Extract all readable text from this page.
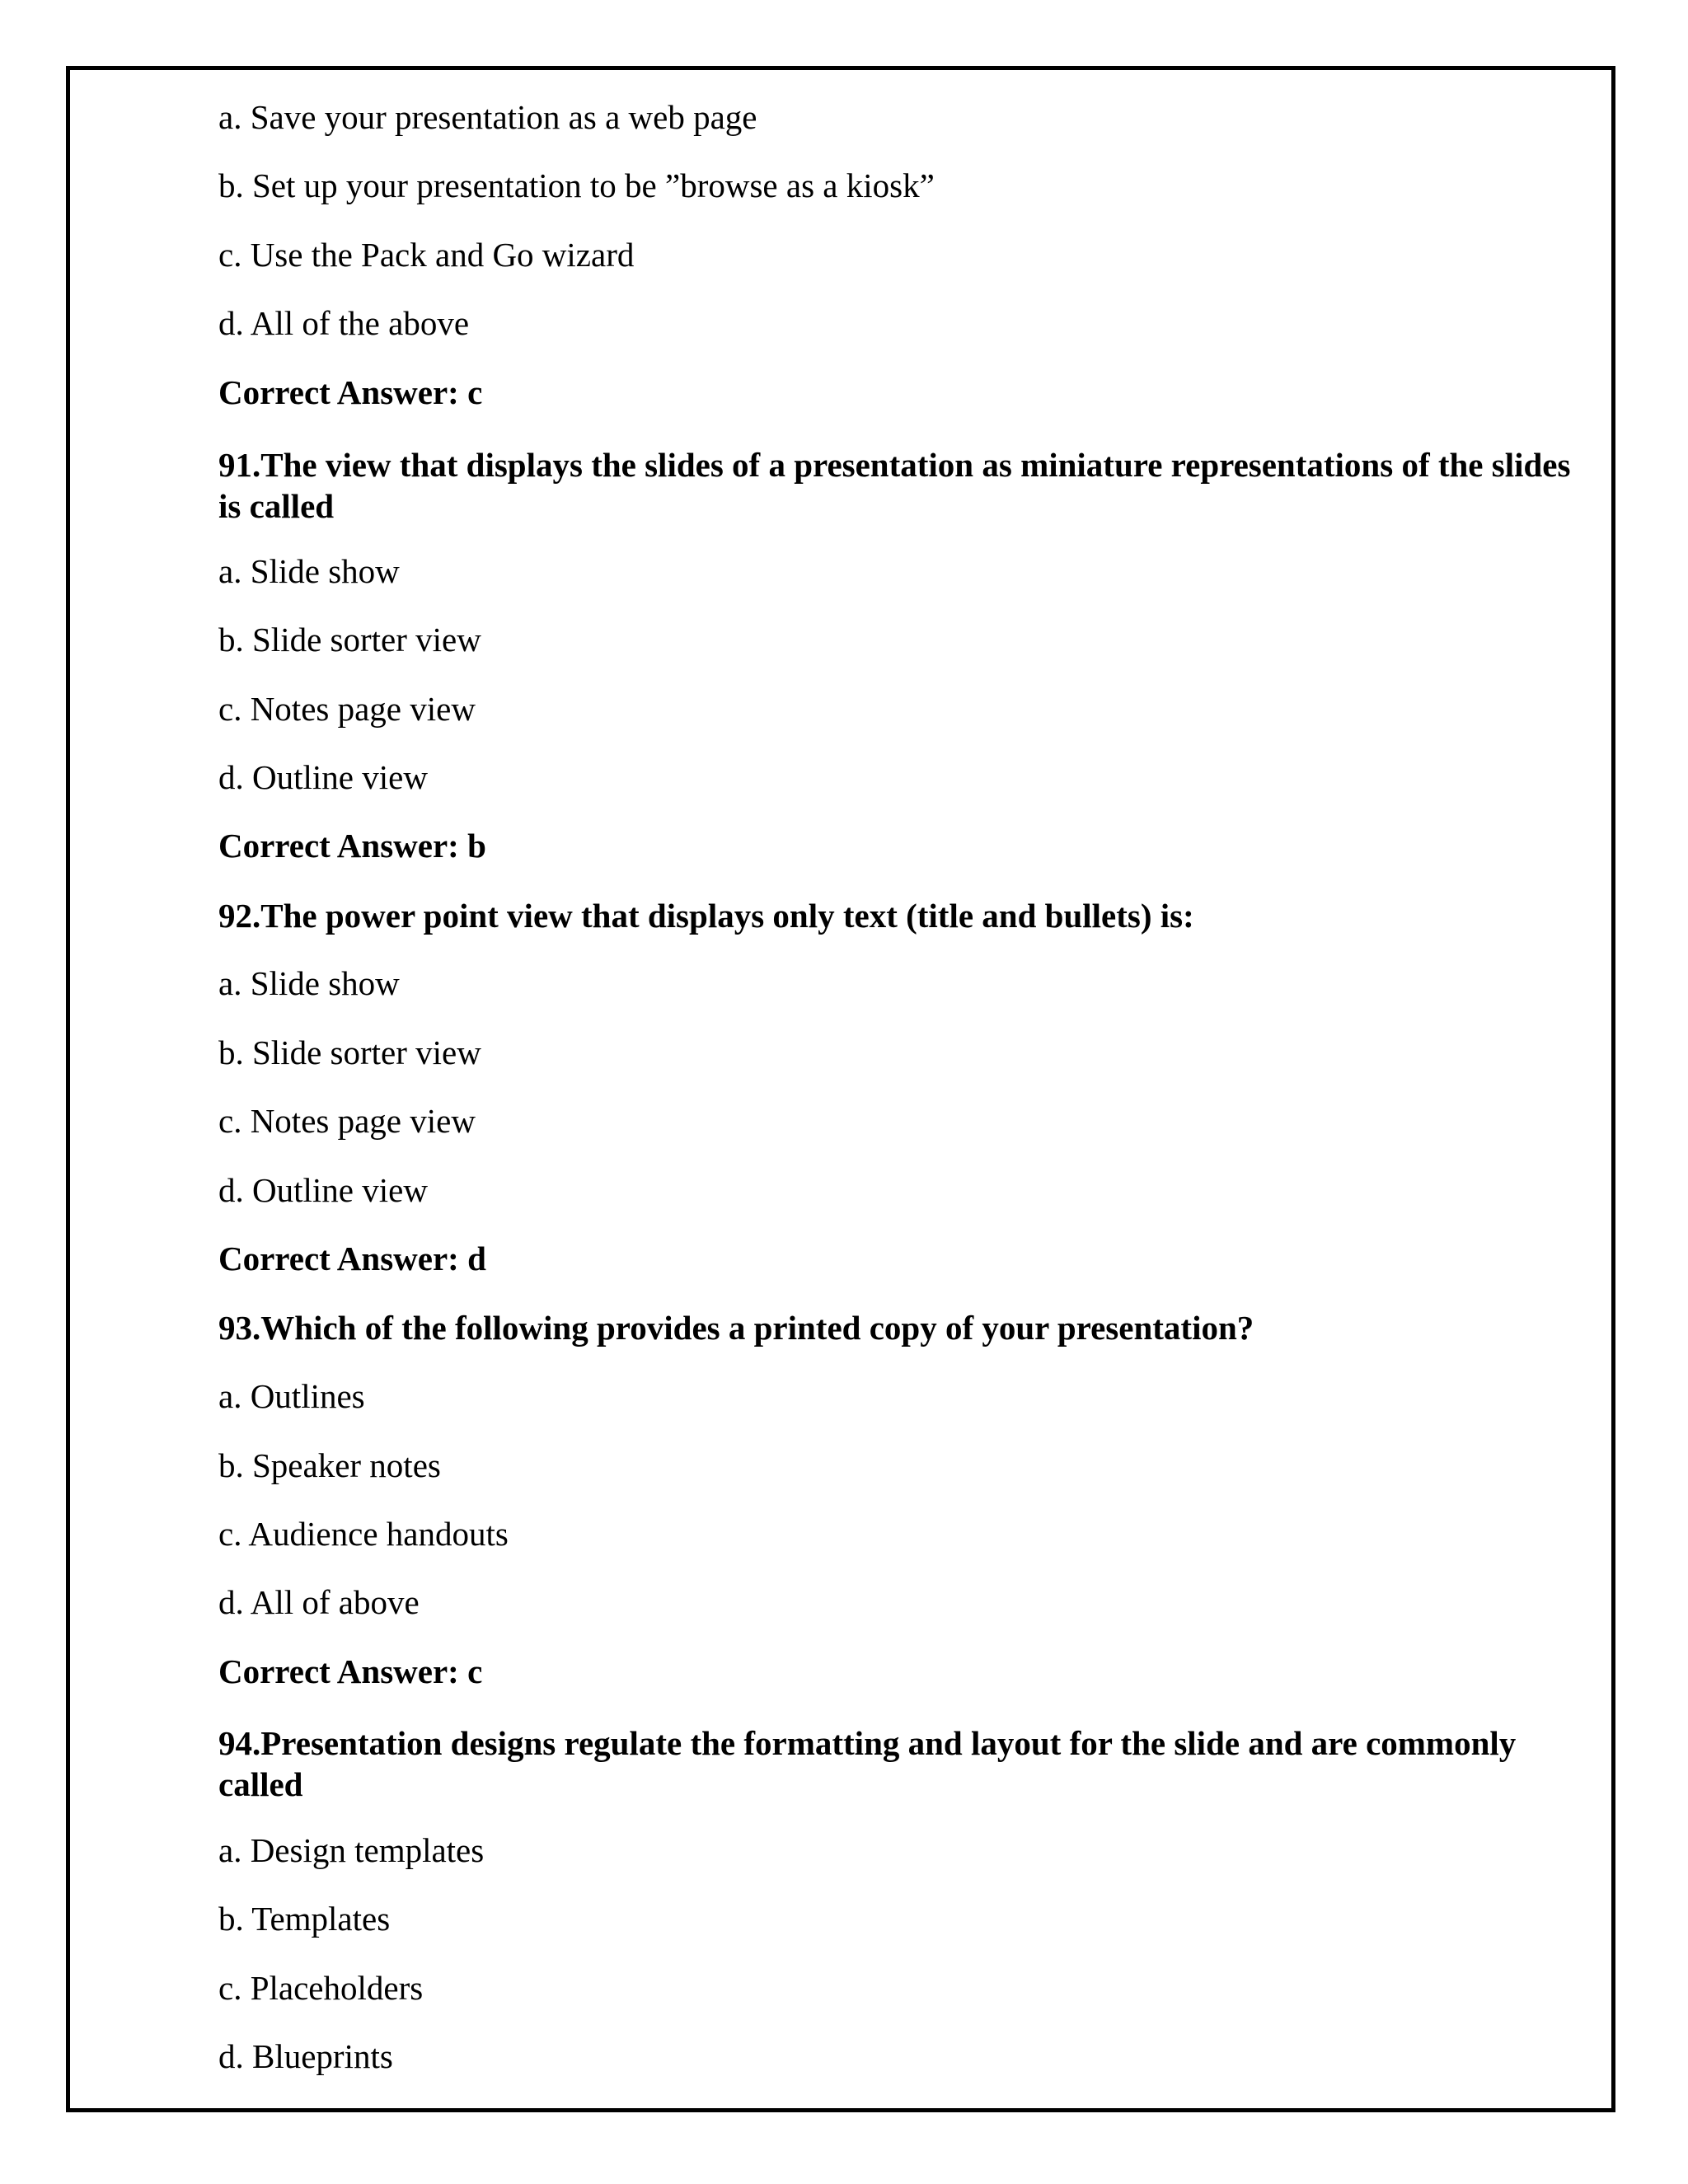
a. Save your presentation as a web page

b. Set up your presentation to be ”browse as a kiosk”

c. Use the Pack and Go wizard

d. All of the above

Correct Answer: c

91.The view that displays the slides of a presentation as miniature representations of the slides is called

a. Slide show

b. Slide sorter view

c. Notes page view

d. Outline view

Correct Answer: b

92.The power point view that displays only text (title and bullets) is:

a. Slide show

b. Slide sorter view

c. Notes page view

d. Outline view

Correct Answer: d

93.Which of the following provides a printed copy of your presentation?

a. Outlines

b. Speaker notes

c. Audience handouts

d. All of above

Correct Answer: c

94.Presentation designs regulate the formatting and layout for the slide and are commonly called

a. Design templates

b. Templates

c. Placeholders

d. Blueprints
